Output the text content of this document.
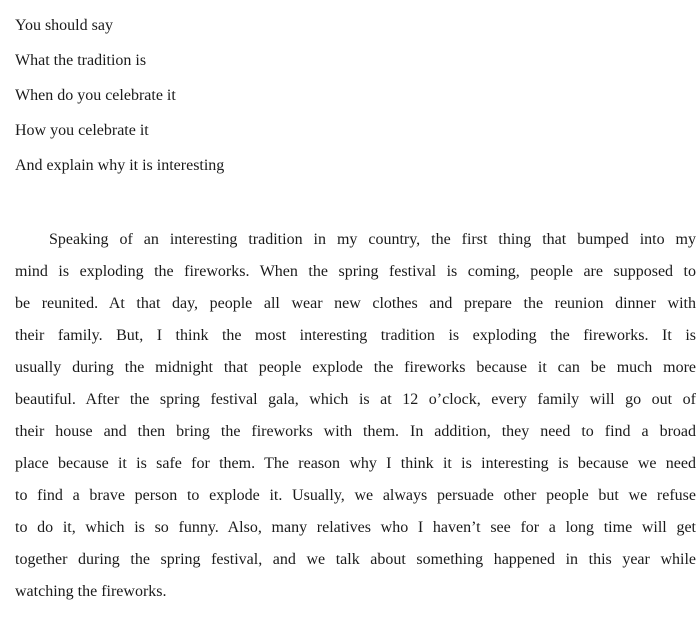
You should say
What the tradition is
When do you celebrate it
How you celebrate it
And explain why it is interesting
Speaking of an interesting tradition in my country, the first thing that bumped into my
mind is exploding the fireworks. When the spring festival is coming, people are supposed to
be reunited. At that day, people all wear new clothes and prepare the reunion dinner with
their family. But, I think the most interesting tradition is exploding the fireworks. It is
usually during the midnight that people explode the fireworks because it can be much more
beautiful. After the spring festival gala, which is at 12 o’clock, every family will go out of
their house and then bring the fireworks with them. In addition, they need to find a broad
place because it is safe for them. The reason why I think it is interesting is because we need
to find a brave person to explode it. Usually, we always persuade other people but we refuse
to do it, which is so funny. Also, many relatives who I haven’t see for a long time will get
together during the spring festival, and we talk about something happened in this year while
watching the fireworks.
